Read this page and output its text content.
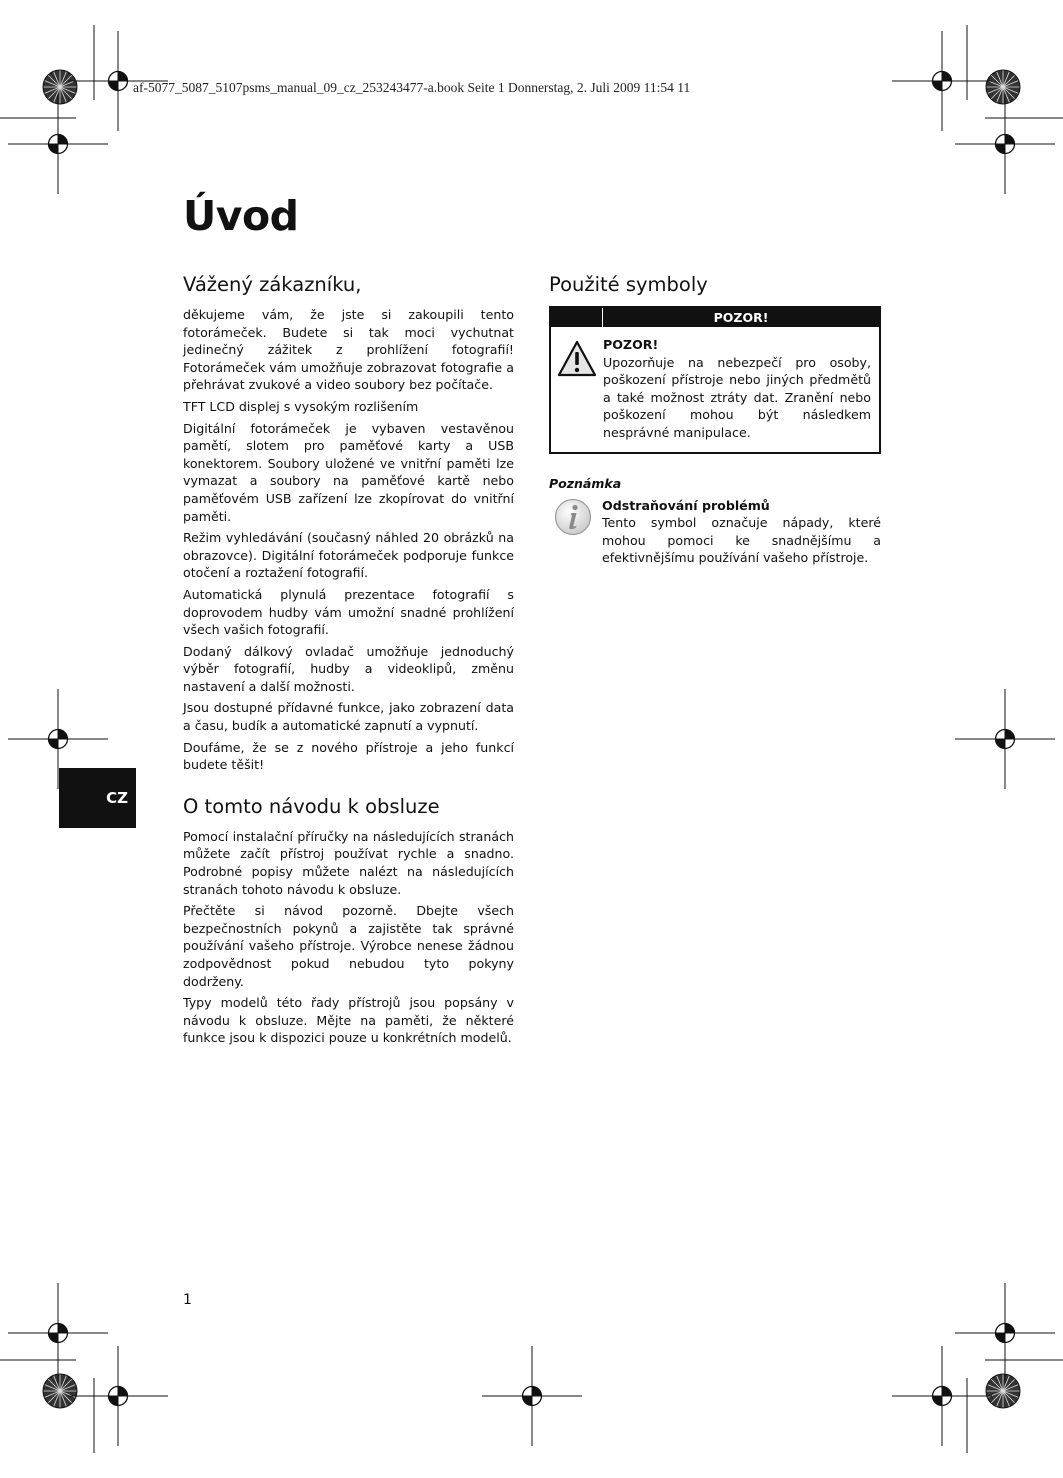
af-5077_5087_5107psms_manual_09_cz_253243477-a.book Seite 1 Donnerstag, 2. Juli 2009 11:54 11
Úvod
Vážený zákazníku,

děkujeme vám, že jste si zakoupili tento fotorámeček. Budete si tak moci vychutnat jedinečný zážitek z prohlížení fotografií! Fotorámeček vám umožňuje zobrazovat fotografie a přehrávat zvukové a video soubory bez počítače.

TFT LCD displej s vysokým rozlišením

Digitální fotorámeček je vybaven vestavěnou pamětí, slotem pro paměťové karty a USB konektorem. Soubory uložené ve vnitřní paměti lze vymazat a soubory na paměťové kartě nebo paměťovém USB zařízení lze zkopírovat do vnitřní paměti.

Režim vyhledávání (současný náhled 20 obrázků na obrazovce). Digitální fotorámeček podporuje funkce otočení a roztažení fotografií.

Automatická plynulá prezentace fotografií s doprovodem hudby vám umožní snadné prohlížení všech vašich fotografií.

Dodaný dálkový ovladač umožňuje jednoduchý výběr fotografií, hudby a videoklipů, změnu nastavení a další možnosti.

Jsou dostupné přídavné funkce, jako zobrazení data a času, budík a automatické zapnutí a vypnutí.

Doufáme, že se z nového přístroje a jeho funkcí budete těšit!

O tomto návodu k obsluze

Pomocí instalační příručky na následujících stranách můžete začít přístroj používat rychle a snadno. Podrobné popisy můžete nalézt na následujících stranách tohoto návodu k obsluze.

Přečtěte si návod pozorně. Dbejte všech bezpečnostních pokynů a zajistěte tak správné používání vašeho přístroje. Výrobce nenese žádnou zodpovědnost pokud nebudou tyto pokyny dodrženy.

Typy modelů této řady přístrojů jsou popsány v návodu k obsluze. Mějte na paměti, že některé funkce jsou k dispozici pouze u konkrétních modelů.

Použité symboly
POZOR!

POZOR!

Upozorňuje na nebezpečí pro osoby, poškození přístroje nebo jiných předmětů a také možnost ztráty dat. Zranění nebo poškození mohou být následkem nesprávné manipulace.

Poznámka

Odstraňování problémů

Tento symbol označuje nápady, které mohou pomoci ke snadnějšímu a efektivnějšímu používání vašeho přístroje.

CZ
1
